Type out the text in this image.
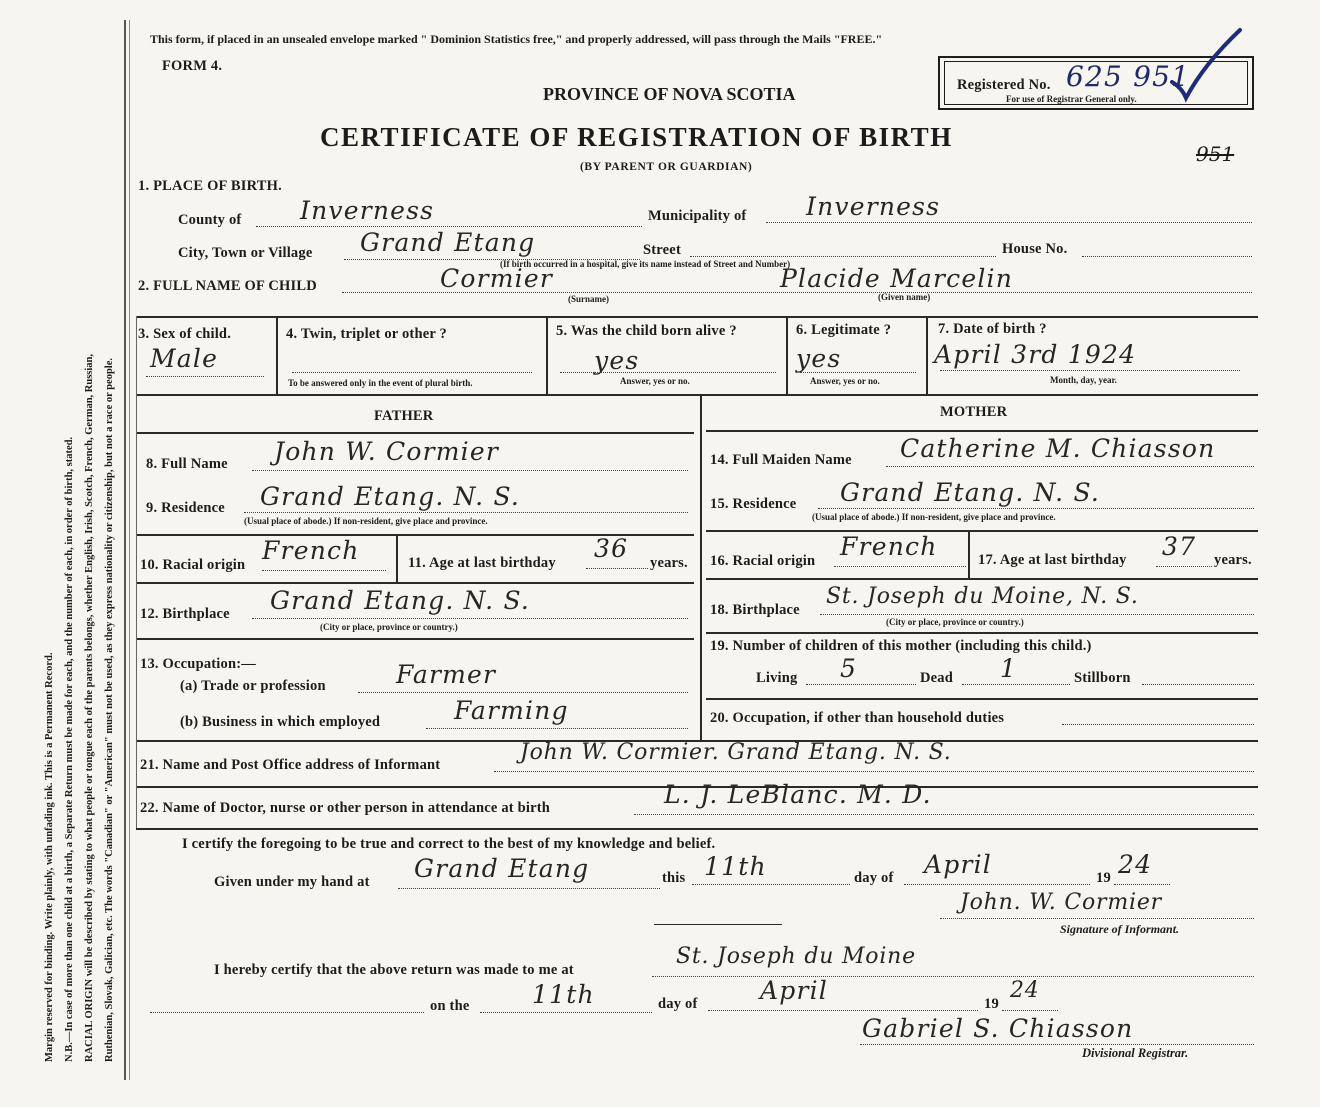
Margin reserved for binding. Write plainly, with unfading ink. This is a Permanent Record. N.B.—In case of more than one child at a birth, a Separate Return must be made for each, and the number of each, in order of birth, stated. RACIAL ORIGIN will be described by stating to what people or tongue each of the parents belongs, whether English, Irish, Scotch, French, German, Russian, Ruthenian, Slovak, Galician, etc. The words "Canadian" or "American" must not be used, as they express nationality or citizenship, but not a race or people.
This form, if placed in an unsealed envelope marked " Dominion Statistics free," and properly addressed, will pass through the Mails "FREE."
FORM 4.
PROVINCE OF NOVA SCOTIA
CERTIFICATE OF REGISTRATION OF BIRTH
(BY PARENT OR GUARDIAN)
951
Registered No. 625 951
For use of Registrar General only.
1. PLACE OF BIRTH.
County of Inverness	Municipality of Inverness
City, Town or Village Grand Etang	Street	House No.
(If birth occurred in a hospital, give its name instead of Street and Number)
2. FULL NAME OF CHILD	Cormier
(Surname)
Placide Marcelin
(Given name)
3. Sex of child.
Male
4. Twin, triplet or other ?
To be answered only in the event of plural birth.
5. Was the child born alive ?
yes
Answer, yes or no.
6. Legitimate ?
yes
Answer, yes or no.
7. Date of birth ?
April 3rd 1924
Month, day, year.
FATHER	MOTHER
8. Full Name John W. Cormier
9. Residence Grand Etang. N. S.
(Usual place of abode.) If non-resident, give place and province.
10. Racial origin French	11. Age at last birthday 36 years.
12. Birthplace Grand Etang. N. S.
(City or place, province or country.)
13. Occupation:—
(a) Trade or profession	Farmer
(b) Business in which employed	Farming
14. Full Maiden Name Catherine M. Chiasson
15. Residence Grand Etang. N. S.
(Usual place of abode.) If non-resident, give place and province.
16. Racial origin French	17. Age at last birthday 37 years.
18. Birthplace
St. Joseph du Moine, N. S.
(City or place, province or country.)
19. Number of children of this mother (including this child.)
Living 5	Dead 1	Stillborn
20. Occupation, if other than household duties
21. Name and Post Office address of Informant	John W. Cormier. Grand Etang. N. S.
22. Name of Doctor, nurse or other person in attendance at birth	L. J. LeBlanc. M. D.
I certify the foregoing to be true and correct to the best of my knowledge and belief.
Given under my hand at Grand Etang	this 11th	day of April	19 24
John. W. Cormier
Signature of Informant.
I hereby certify that the above return was made to me at
St. Joseph du Moine
on the	11th	day of	April	19
24
Gabriel S. Chiasson
Divisional Registrar.
